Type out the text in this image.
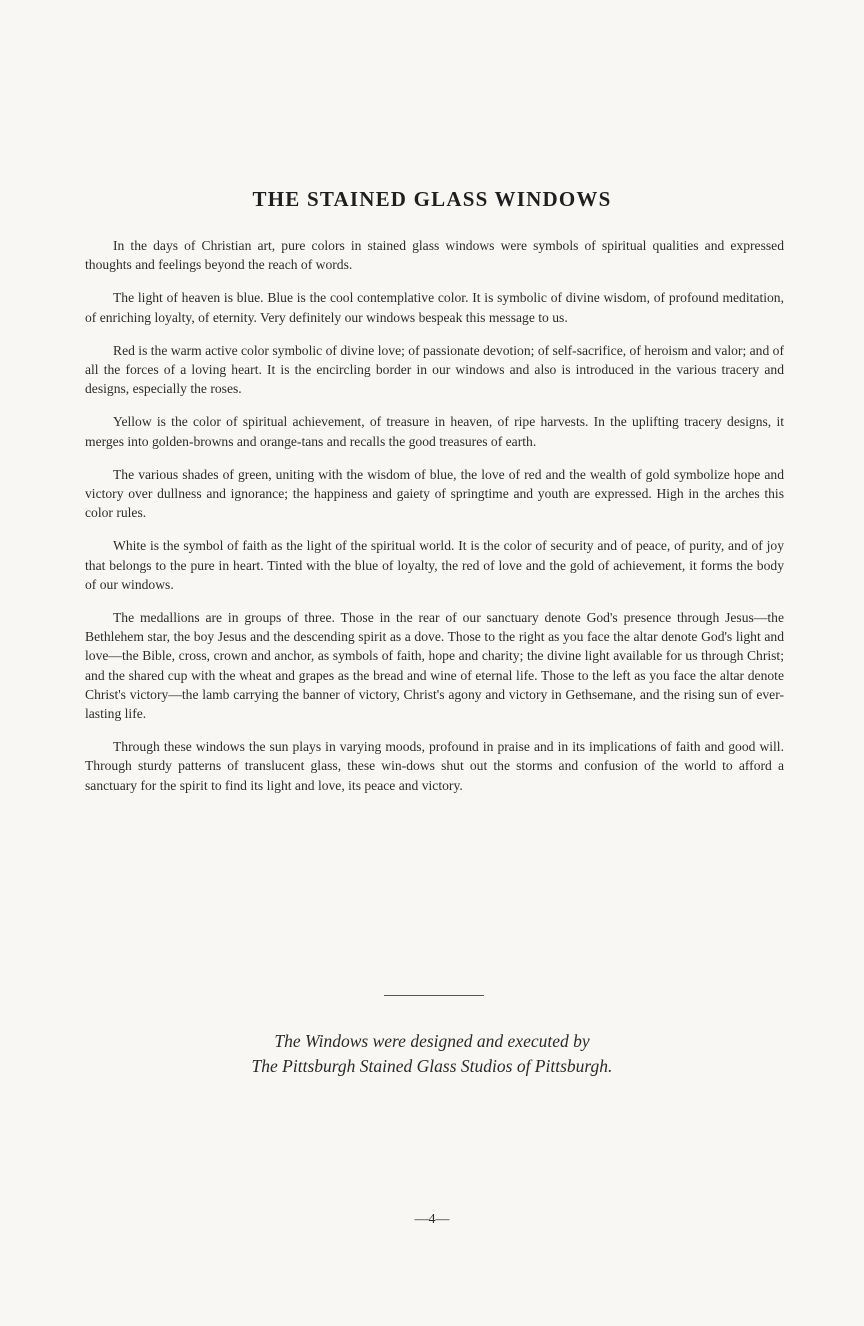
THE STAINED GLASS WINDOWS

In the days of Christian art, pure colors in stained glass windows were symbols of spiritual qualities and expressed thoughts and feelings beyond the reach of words.

The light of heaven is blue. Blue is the cool contemplative color. It is symbolic of divine wisdom, of profound meditation, of enriching loyalty, of eternity. Very definitely our windows bespeak this message to us.

Red is the warm active color symbolic of divine love; of passionate devotion; of self-sacrifice, of heroism and valor; and of all the forces of a loving heart. It is the encircling border in our windows and also is introduced in the various tracery and designs, especially the roses.

Yellow is the color of spiritual achievement, of treasure in heaven, of ripe harvests. In the uplifting tracery designs, it merges into golden-browns and orange-tans and recalls the good treasures of earth.

The various shades of green, uniting with the wisdom of blue, the love of red and the wealth of gold symbolize hope and victory over dullness and ignorance; the happiness and gaiety of springtime and youth are expressed. High in the arches this color rules.

White is the symbol of faith as the light of the spiritual world. It is the color of security and of peace, of purity, and of joy that belongs to the pure in heart. Tinted with the blue of loyalty, the red of love and the gold of achievement, it forms the body of our windows.

The medallions are in groups of three. Those in the rear of our sanctuary denote God's presence through Jesus—the Bethlehem star, the boy Jesus and the descending spirit as a dove. Those to the right as you face the altar denote God's light and love—the Bible, cross, crown and anchor, as symbols of faith, hope and charity; the divine light available for us through Christ; and the shared cup with the wheat and grapes as the bread and wine of eternal life. Those to the left as you face the altar denote Christ's victory—the lamb carrying the banner of victory, Christ's agony and victory in Gethsemane, and the rising sun of ever-lasting life.

Through these windows the sun plays in varying moods, profound in praise and in its implications of faith and good will. Through sturdy patterns of translucent glass, these win-dows shut out the storms and confusion of the world to afford a sanctuary for the spirit to find its light and love, its peace and victory.

The Windows were designed and executed by
The Pittsburgh Stained Glass Studios of Pittsburgh.
—4—
